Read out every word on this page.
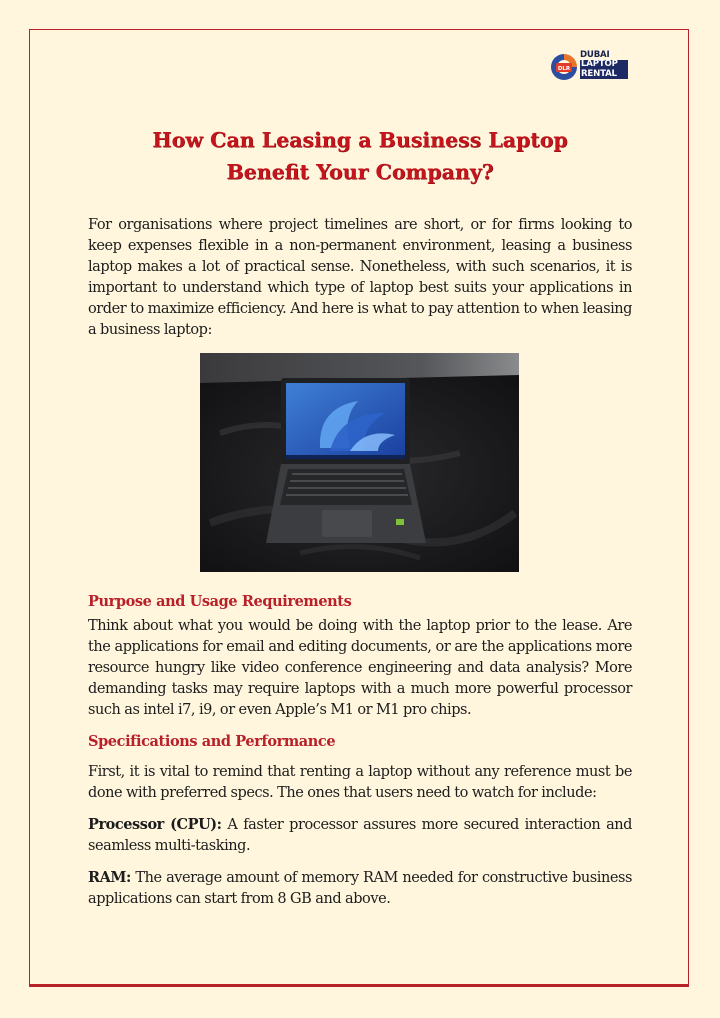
DLR
DUBAI
LAPTOP
RENTAL
How Can Leasing a Business Laptop
Benefit Your Company?

For organisations where project timelines are short, or for firms looking to keep expenses flexible in a non-permanent environment, leasing a business laptop makes a lot of practical sense. Nonetheless, with such scenarios, it is important to understand which type of laptop best suits your applications in order to maximize efficiency. And here is what to pay attention to when leasing a business laptop:

Purpose and Usage Requirements

Think about what you would be doing with the laptop prior to the lease. Are the applications for email and editing documents, or are the applications more resource hungry like video conference engineering and data analysis? More demanding tasks may require laptops with a much more powerful processor such as intel i7, i9, or even Apple’s M1 or M1 pro chips.

Specifications and Performance

First, it is vital to remind that renting a laptop without any reference must be done with preferred specs. The ones that users need to watch for include:

Processor (CPU): A faster processor assures more secured interaction and seamless multi-tasking.

RAM: The average amount of memory RAM needed for constructive business applications can start from 8 GB and above.
